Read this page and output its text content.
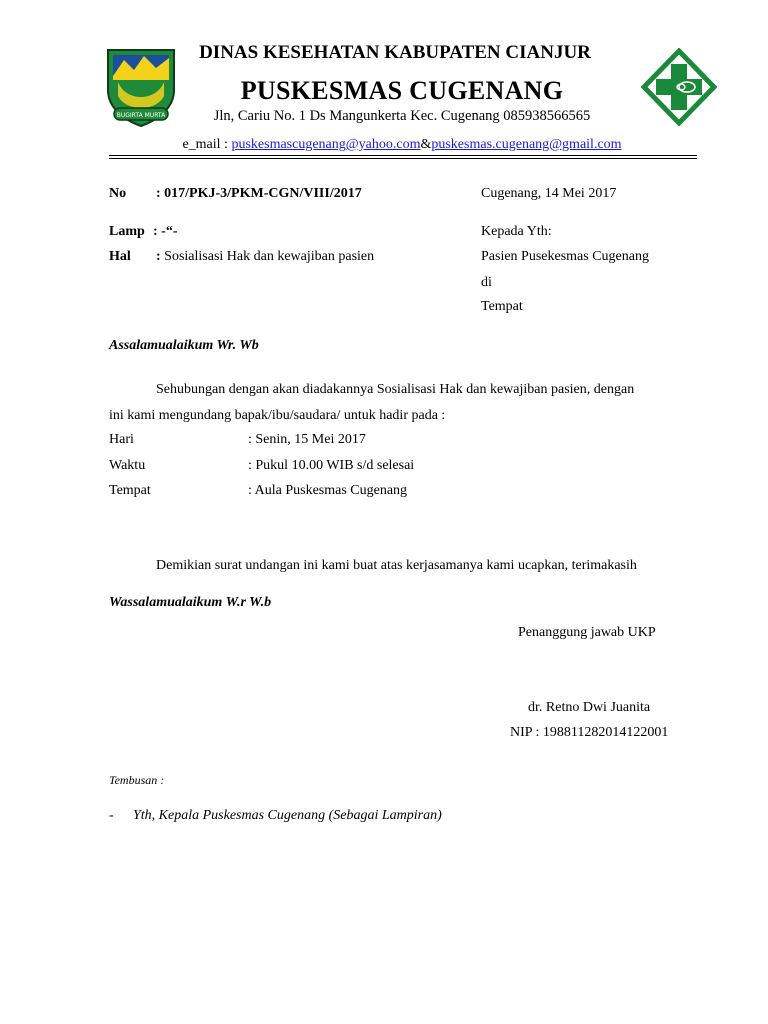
BUGIRTA MURTA
DINAS KESEHATAN KABUPATEN CIANJUR
PUSKESMAS CUGENANG
Jln, Cariu No. 1 Ds Mangunkerta Kec. Cugenang 085938566565
e_mail : puskesmascugenang@yahoo.com&puskesmas.cugenang@gmail.com
No : 017/PKJ-3/PKM-CGN/VIII/2017	Cugenang, 14 Mei 2017
Lamp : -“-	Kepada Yth:
Hal : Sosialisasi Hak dan kewajiban pasien	Pasien Pusekesmas Cugenang
di
Tempat
Assalamualaikum Wr. Wb
Sehubungan dengan akan diadakannya Sosialisasi Hak dan kewajiban pasien, dengan
ini kami mengundang bapak/ibu/saudara/ untuk hadir pada :
Hari	: Senin, 15 Mei 2017
Waktu	: Pukul 10.00 WIB s/d selesai
Tempat	: Aula Puskesmas Cugenang
Demikian surat undangan ini kami buat atas kerjasamanya kami ucapkan, terimakasih
Wassalamualaikum W.r W.b
Penanggung jawab UKP
dr. Retno Dwi Juanita
NIP : 198811282014122001
Tembusan :
- Yth, Kepala Puskesmas Cugenang (Sebagai Lampiran)
